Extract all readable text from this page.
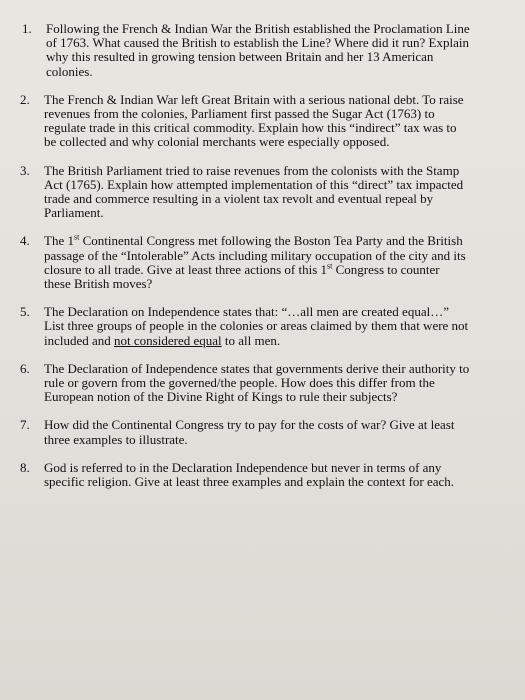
1.	Following the French & Indian War the British established the Proclamation Line
of 1763. What caused the British to establish the Line? Where did it run? Explain
why this resulted in growing tension between Britain and her 13 American
colonies.
2.	The French & Indian War left Great Britain with a serious national debt. To raise
revenues from the colonies, Parliament first passed the Sugar Act (1763) to
regulate trade in this critical commodity. Explain how this “indirect” tax was to
be collected and why colonial merchants were especially opposed.
3.	The British Parliament tried to raise revenues from the colonists with the Stamp
Act (1765). Explain how attempted implementation of this “direct” tax impacted
trade and commerce resulting in a violent tax revolt and eventual repeal by
Parliament.
4.	The 1st Continental Congress met following the Boston Tea Party and the British
passage of the “Intolerable” Acts including military occupation of the city and its
closure to all trade. Give at least three actions of this 1st Congress to counter
these British moves?
5.	The Declaration on Independence states that: “…all men are created equal…”
List three groups of people in the colonies or areas claimed by them that were not
included and not considered equal to all men.
6.	The Declaration of Independence states that governments derive their authority to
rule or govern from the governed/the people. How does this differ from the
European notion of the Divine Right of Kings to rule their subjects?
7.	How did the Continental Congress try to pay for the costs of war? Give at least
three examples to illustrate.
8.	God is referred to in the Declaration Independence but never in terms of any
specific religion. Give at least three examples and explain the context for each.
